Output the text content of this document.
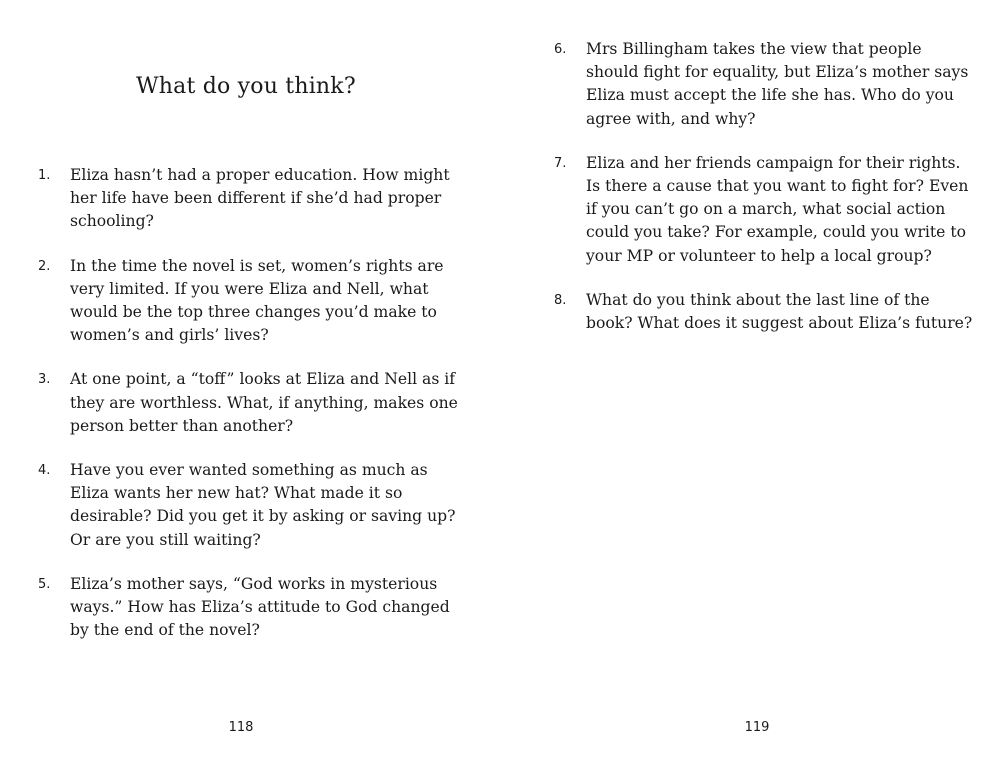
What do you think?
1. Eliza hasn’t had a proper education. How might her life have been different if she’d had proper schooling?
2. In the time the novel is set, women’s rights are very limited. If you were Eliza and Nell, what would be the top three changes you’d make to women’s and girls’ lives?
3. At one point, a “toff” looks at Eliza and Nell as if they are worthless. What, if anything, makes one person better than another?
4. Have you ever wanted something as much as Eliza wants her new hat? What made it so desirable? Did you get it by asking or saving up? Or are you still waiting?
5. Eliza’s mother says, “God works in mysterious ways.” How has Eliza’s attitude to God changed by the end of the novel?
118
6. Mrs Billingham takes the view that people should fight for equality, but Eliza’s mother says Eliza must accept the life she has. Who do you agree with, and why?
7. Eliza and her friends campaign for their rights. Is there a cause that you want to fight for? Even if you can’t go on a march, what social action could you take? For example, could you write to your MP or volunteer to help a local group?
8. What do you think about the last line of the book? What does it suggest about Eliza’s future?
119
